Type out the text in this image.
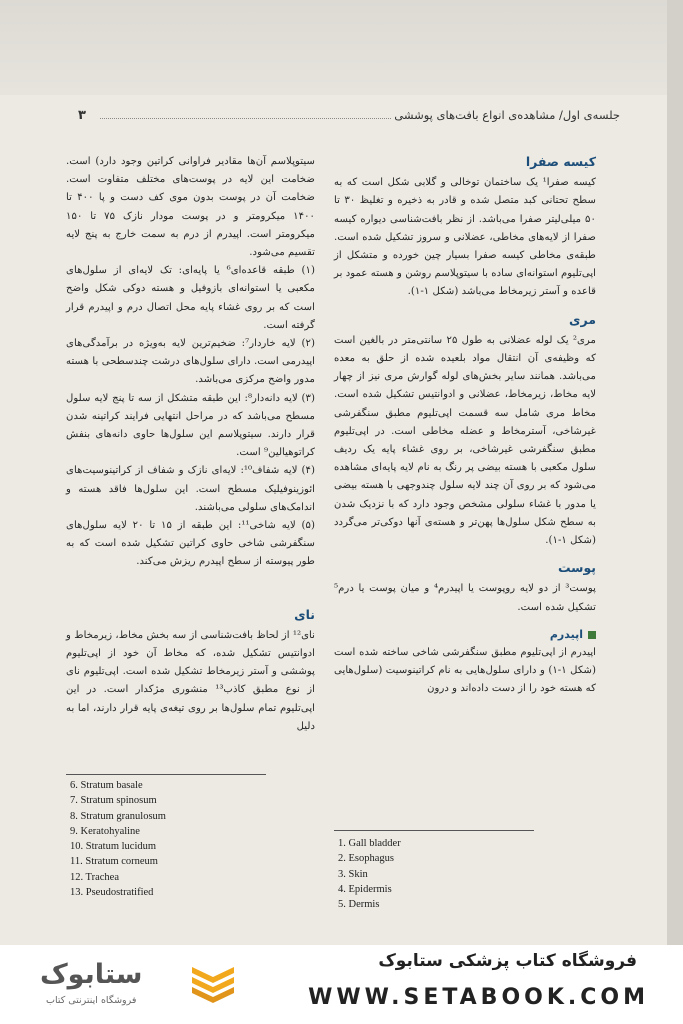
۳	جلسه‌ی اول/ مشاهده‌ی انواع بافت‌های پوششی
کیسه صفرا

کیسه صفرا¹ یک ساختمان توخالی و گلابی شکل است که به سطح تحتانی کبد متصل شده و قادر به ذخیره و تغلیظ ۳۰ تا ۵۰ میلی‌لیتر صفرا می‌باشد. از نظر بافت‌شناسی دیواره کیسه صفرا از لایه‌های مخاطی، عضلانی و سروز تشکیل شده است. طبقه‌ی مخاطی کیسه صفرا بسیار چین خورده و متشکل از اپی‌تلیوم استوانه‌ای ساده با سیتوپلاسم روشن و هسته عمود بر قاعده و آستر زیرمخاط می‌باشد (شکل ۱-۱).

مری

مری² یک لوله عضلانی به طول ۲۵ سانتی‌متر در بالغین است که وظیفه‌ی آن انتقال مواد بلعیده شده از حلق به معده می‌باشد. همانند سایر بخش‌های لوله گوارش مری نیز از چهار لایه مخاط، زیرمخاط، عضلانی و ادوانتیس تشکیل شده است. مخاط مری شامل سه قسمت اپی‌تلیوم مطبق سنگفرشی غیرشاخی، آسترمخاط و عضله مخاطی است. در اپی‌تلیوم مطبق سنگفرشی غیرشاخی، بر روی غشاء پایه یک ردیف سلول مکعبی با هسته بیضی پر رنگ به نام لایه پایه‌ای مشاهده می‌شود که بر روی آن چند لایه سلول چندوجهی با هسته بیضی یا مدور با غشاء سلولی مشخص وجود دارد که با نزدیک شدن به سطح شکل سلول‌ها پهن‌تر و هسته‌ی آنها دوکی‌تر می‌گردد (شکل ۱-۱).

پوست

پوست³ از دو لایه روپوست یا اپیدرم⁴ و میان پوست یا درم⁵ تشکیل شده است.

اپیدرم

اپیدرم از اپی‌تلیوم مطبق سنگفرشی شاخی ساخته شده است (شکل ۱-۱) و دارای سلول‌هایی به نام کراتینوسیت (سلول‌هایی که هسته خود را از دست داده‌اند و درون

سیتوپلاسم آن‌ها مقادیر فراوانی کراتین وجود دارد) است. ضخامت این لایه در پوست‌های مختلف متفاوت است. ضخامت آن در پوست بدون موی کف دست و پا ۴۰۰ تا ۱۴۰۰ میکرومتر و در پوست مودار نازک ۷۵ تا ۱۵۰ میکرومتر است. اپیدرم از درم به سمت خارج به پنج لایه تقسیم می‌شود.

(۱) طبقه قاعده‌ای⁶ یا پایه‌ای: تک لایه‌ای از سلول‌های مکعبی یا استوانه‌ای بازوفیل و هسته دوکی شکل واضح است که بر روی غشاء پایه محل اتصال درم و اپیدرم قرار گرفته است.

(۲) لایه خاردار⁷: ضخیم‌ترین لایه به‌ویژه در برآمدگی‌های اپیدرمی است. دارای سلول‌های درشت چندسطحی با هسته مدور واضح مرکزی می‌باشد.

(۳) لایه دانه‌دار⁸: این طبقه متشکل از سه تا پنج لایه سلول مسطح می‌باشد که در مراحل انتهایی فرایند کراتینه شدن قرار دارند. سیتوپلاسم این سلول‌ها حاوی دانه‌های بنفش کراتوهیالین⁹ است.

(۴) لایه شفاف¹⁰: لایه‌ای نازک و شفاف از کراتینوسیت‌های ائوزینوفیلیک مسطح است. این سلول‌ها فاقد هسته و اندامک‌های سلولی می‌باشند.

(۵) لایه شاخی¹¹: این طبقه از ۱۵ تا ۲۰ لایه سلول‌های سنگفرشی شاخی حاوی کراتین تشکیل شده است که به طور پیوسته از سطح اپیدرم ریزش می‌کند.

نای

نای¹² از لحاظ بافت‌شناسی از سه بخش مخاط، زیرمخاط و ادوانتیس تشکیل شده، که مخاط آن خود از اپی‌تلیوم پوششی و آستر زیرمخاط تشکیل شده است. اپی‌تلیوم نای از نوع مطبق کاذب¹³ منشوری مژکدار است. در این اپی‌تلیوم تمام سلول‌ها بر روی تیغه‌ی پایه قرار دارند، اما به دلیل

6. Stratum basale
7. Stratum spinosum
8. Stratum granulosum
9. Keratohyaline
10. Stratum lucidum
11. Stratum corneum
12. Trachea
13. Pseudostratified
1. Gall bladder
2. Esophagus
3. Skin
4. Epidermis
5. Dermis
فروشگاه کتاب پزشکی ستابوک
WWW.SETABOOK.COM
ستابوک
فروشگاه اینترنتی کتاب
